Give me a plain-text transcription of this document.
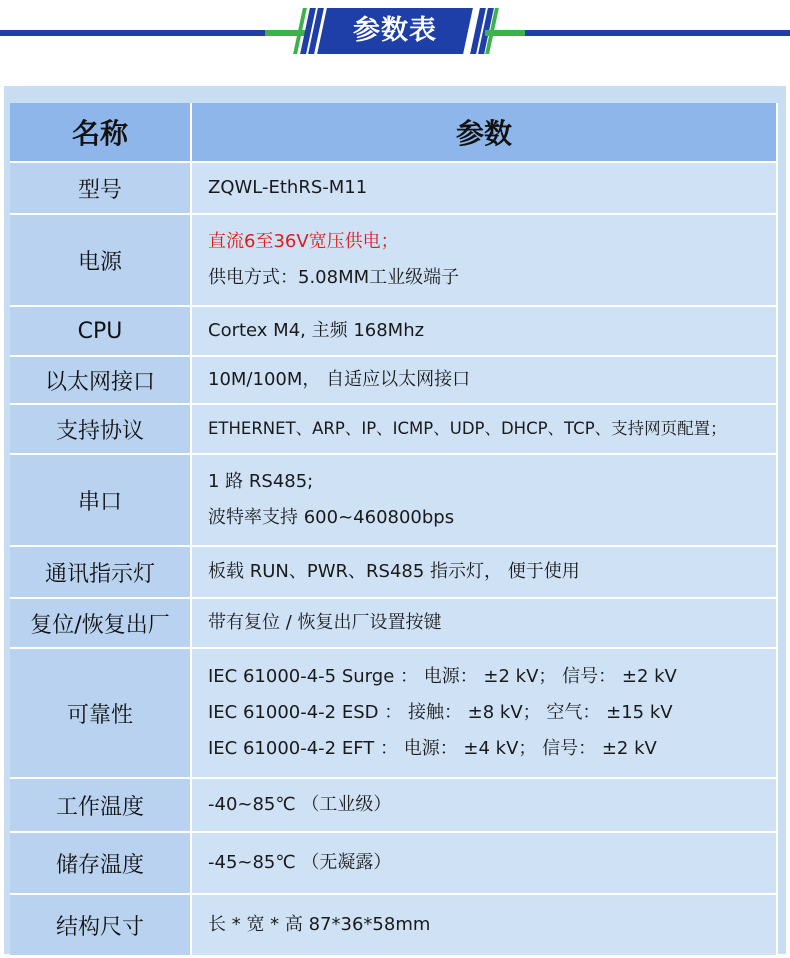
参数表
名称	参数
型号	ZQWL-EthRS-M11

电源	直流6至36V宽压供电；
供电方式：5.08MM工业级端子

CPU	Cortex M4, 主频 168Mhz

以太网接口	10M/100M， 自适应以太网接口

支持协议	ETHERNET、ARP、IP、ICMP、UDP、DHCP、TCP、支持网页配置；

串口	1 路 RS485;
波特率支持 600~460800bps

通讯指示灯	板载 RUN、PWR、RS485 指示灯， 便于使用

复位/恢复出厂	带有复位 / 恢复出厂设置按键

可靠性	IEC 61000-4-5 Surge ： 电源： ±2 kV； 信号： ±2 kV
IEC 61000-4-2 ESD ： 接触： ±8 kV； 空气： ±15 kV
IEC 61000-4-2 EFT ： 电源： ±4 kV； 信号： ±2 kV

工作温度	-40~85℃ （工业级）

储存温度	-45~85℃ （无凝露）

结构尺寸	长 * 宽 * 高 87*36*58mm
